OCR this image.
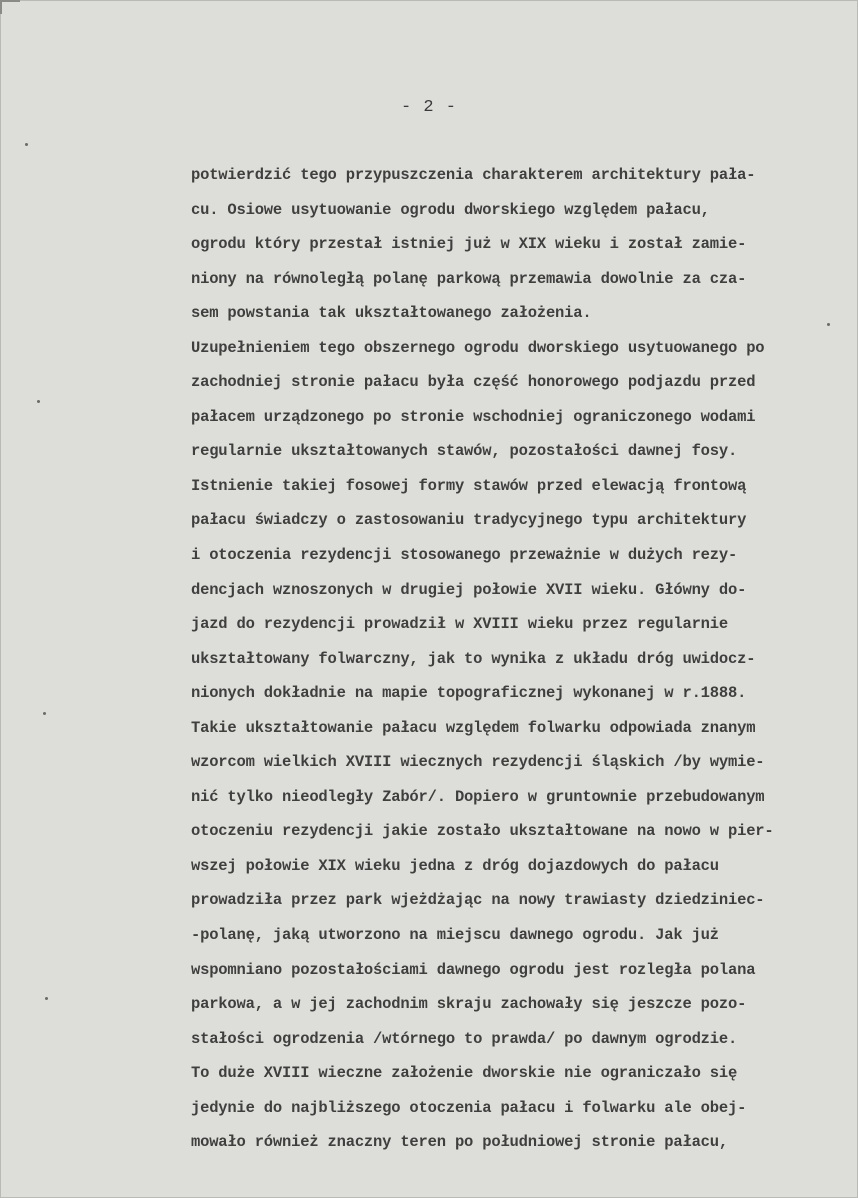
- 2 -
potwierdzić tego przypuszczenia charakterem architektury pała-
cu. Osiowe usytuowanie ogrodu dworskiego względem pałacu,
ogrodu który przestał istniej już w XIX wieku i został zamie-
niony na równoległą polanę parkową przemawia dowolnie za cza-
sem powstania tak ukształtowanego założenia.
Uzupełnieniem tego obszernego ogrodu dworskiego usytuowanego po
zachodniej stronie pałacu była część honorowego podjazdu przed
pałacem urządzonego po stronie wschodniej ograniczonego wodami
regularnie ukształtowanych stawów, pozostałości dawnej fosy.
Istnienie takiej fosowej formy stawów przed elewacją frontową
pałacu świadczy o zastosowaniu tradycyjnego typu architektury
i otoczenia rezydencji stosowanego przeważnie w dużych rezy-
dencjach wznoszonych w drugiej połowie XVII wieku. Główny do-
jazd do rezydencji prowadził w XVIII wieku przez regularnie
ukształtowany folwarczny, jak to wynika z układu dróg uwidocz-
nionych dokładnie na mapie topograficznej wykonanej w r.1888.
Takie ukształtowanie pałacu względem folwarku odpowiada znanym
wzorcom wielkich XVIII wiecznych rezydencji śląskich /by wymie-
nić tylko nieodległy Zabór/. Dopiero w gruntownie przebudowanym
otoczeniu rezydencji jakie zostało ukształtowane na nowo w pier-
wszej połowie XIX wieku jedna z dróg dojazdowych do pałacu
prowadziła przez park wjeżdżając na nowy trawiasty dziedziniec-
-polanę, jaką utworzono na miejscu dawnego ogrodu. Jak już
wspomniano pozostałościami dawnego ogrodu jest rozległa polana
parkowa, a w jej zachodnim skraju zachowały się jeszcze pozo-
stałości ogrodzenia /wtórnego to prawda/ po dawnym ogrodzie.
To duże XVIII wieczne założenie dworskie nie ograniczało się
jedynie do najbliższego otoczenia pałacu i folwarku ale obej-
mowało również znaczny teren po południowej stronie pałacu,
